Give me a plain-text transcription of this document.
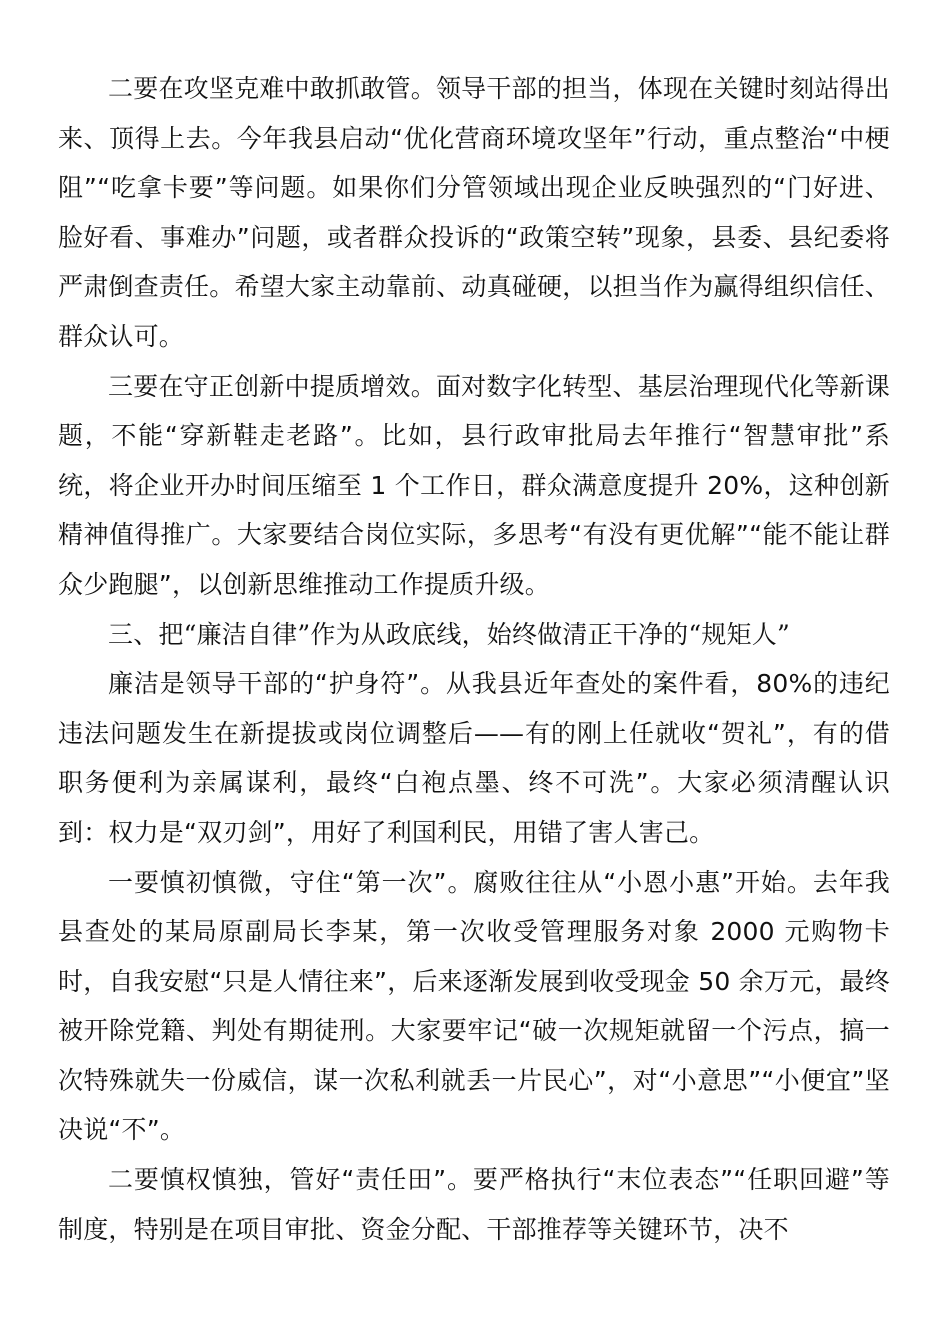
二要在攻坚克难中敢抓敢管。领导干部的担当，体现在关键时刻站得出来、顶得上去。今年我县启动“优化营商环境攻坚年”行动，重点整治“中梗阻”“吃拿卡要”等问题。如果你们分管领域出现企业反映强烈的“门好进、脸好看、事难办”问题，或者群众投诉的“政策空转”现象，县委、县纪委将严肃倒查责任。希望大家主动靠前、动真碰硬，以担当作为赢得组织信任、群众认可。

三要在守正创新中提质增效。面对数字化转型、基层治理现代化等新课题，不能“穿新鞋走老路”。比如，县行政审批局去年推行“智慧审批”系统，将企业开办时间压缩至 1 个工作日，群众满意度提升 20%，这种创新精神值得推广。大家要结合岗位实际，多思考“有没有更优解”“能不能让群众少跑腿”，以创新思维推动工作提质升级。

三、把“廉洁自律”作为从政底线，始终做清正干净的“规矩人”

廉洁是领导干部的“护身符”。从我县近年查处的案件看，80%的违纪违法问题发生在新提拔或岗位调整后——有的刚上任就收“贺礼”，有的借职务便利为亲属谋利，最终“白袍点墨、终不可洗”。大家必须清醒认识到：权力是“双刃剑”，用好了利国利民，用错了害人害己。

一要慎初慎微，守住“第一次”。腐败往往从“小恩小惠”开始。去年我县查处的某局原副局长李某，第一次收受管理服务对象 2000 元购物卡时，自我安慰“只是人情往来”，后来逐渐发展到收受现金 50 余万元，最终被开除党籍、判处有期徒刑。大家要牢记“破一次规矩就留一个污点，搞一次特殊就失一份威信，谋一次私利就丢一片民心”，对“小意思”“小便宜”坚决说“不”。

二要慎权慎独，管好“责任田”。要严格执行“末位表态”“任职回避”等制度，特别是在项目审批、资金分配、干部推荐等关键环节，决不
